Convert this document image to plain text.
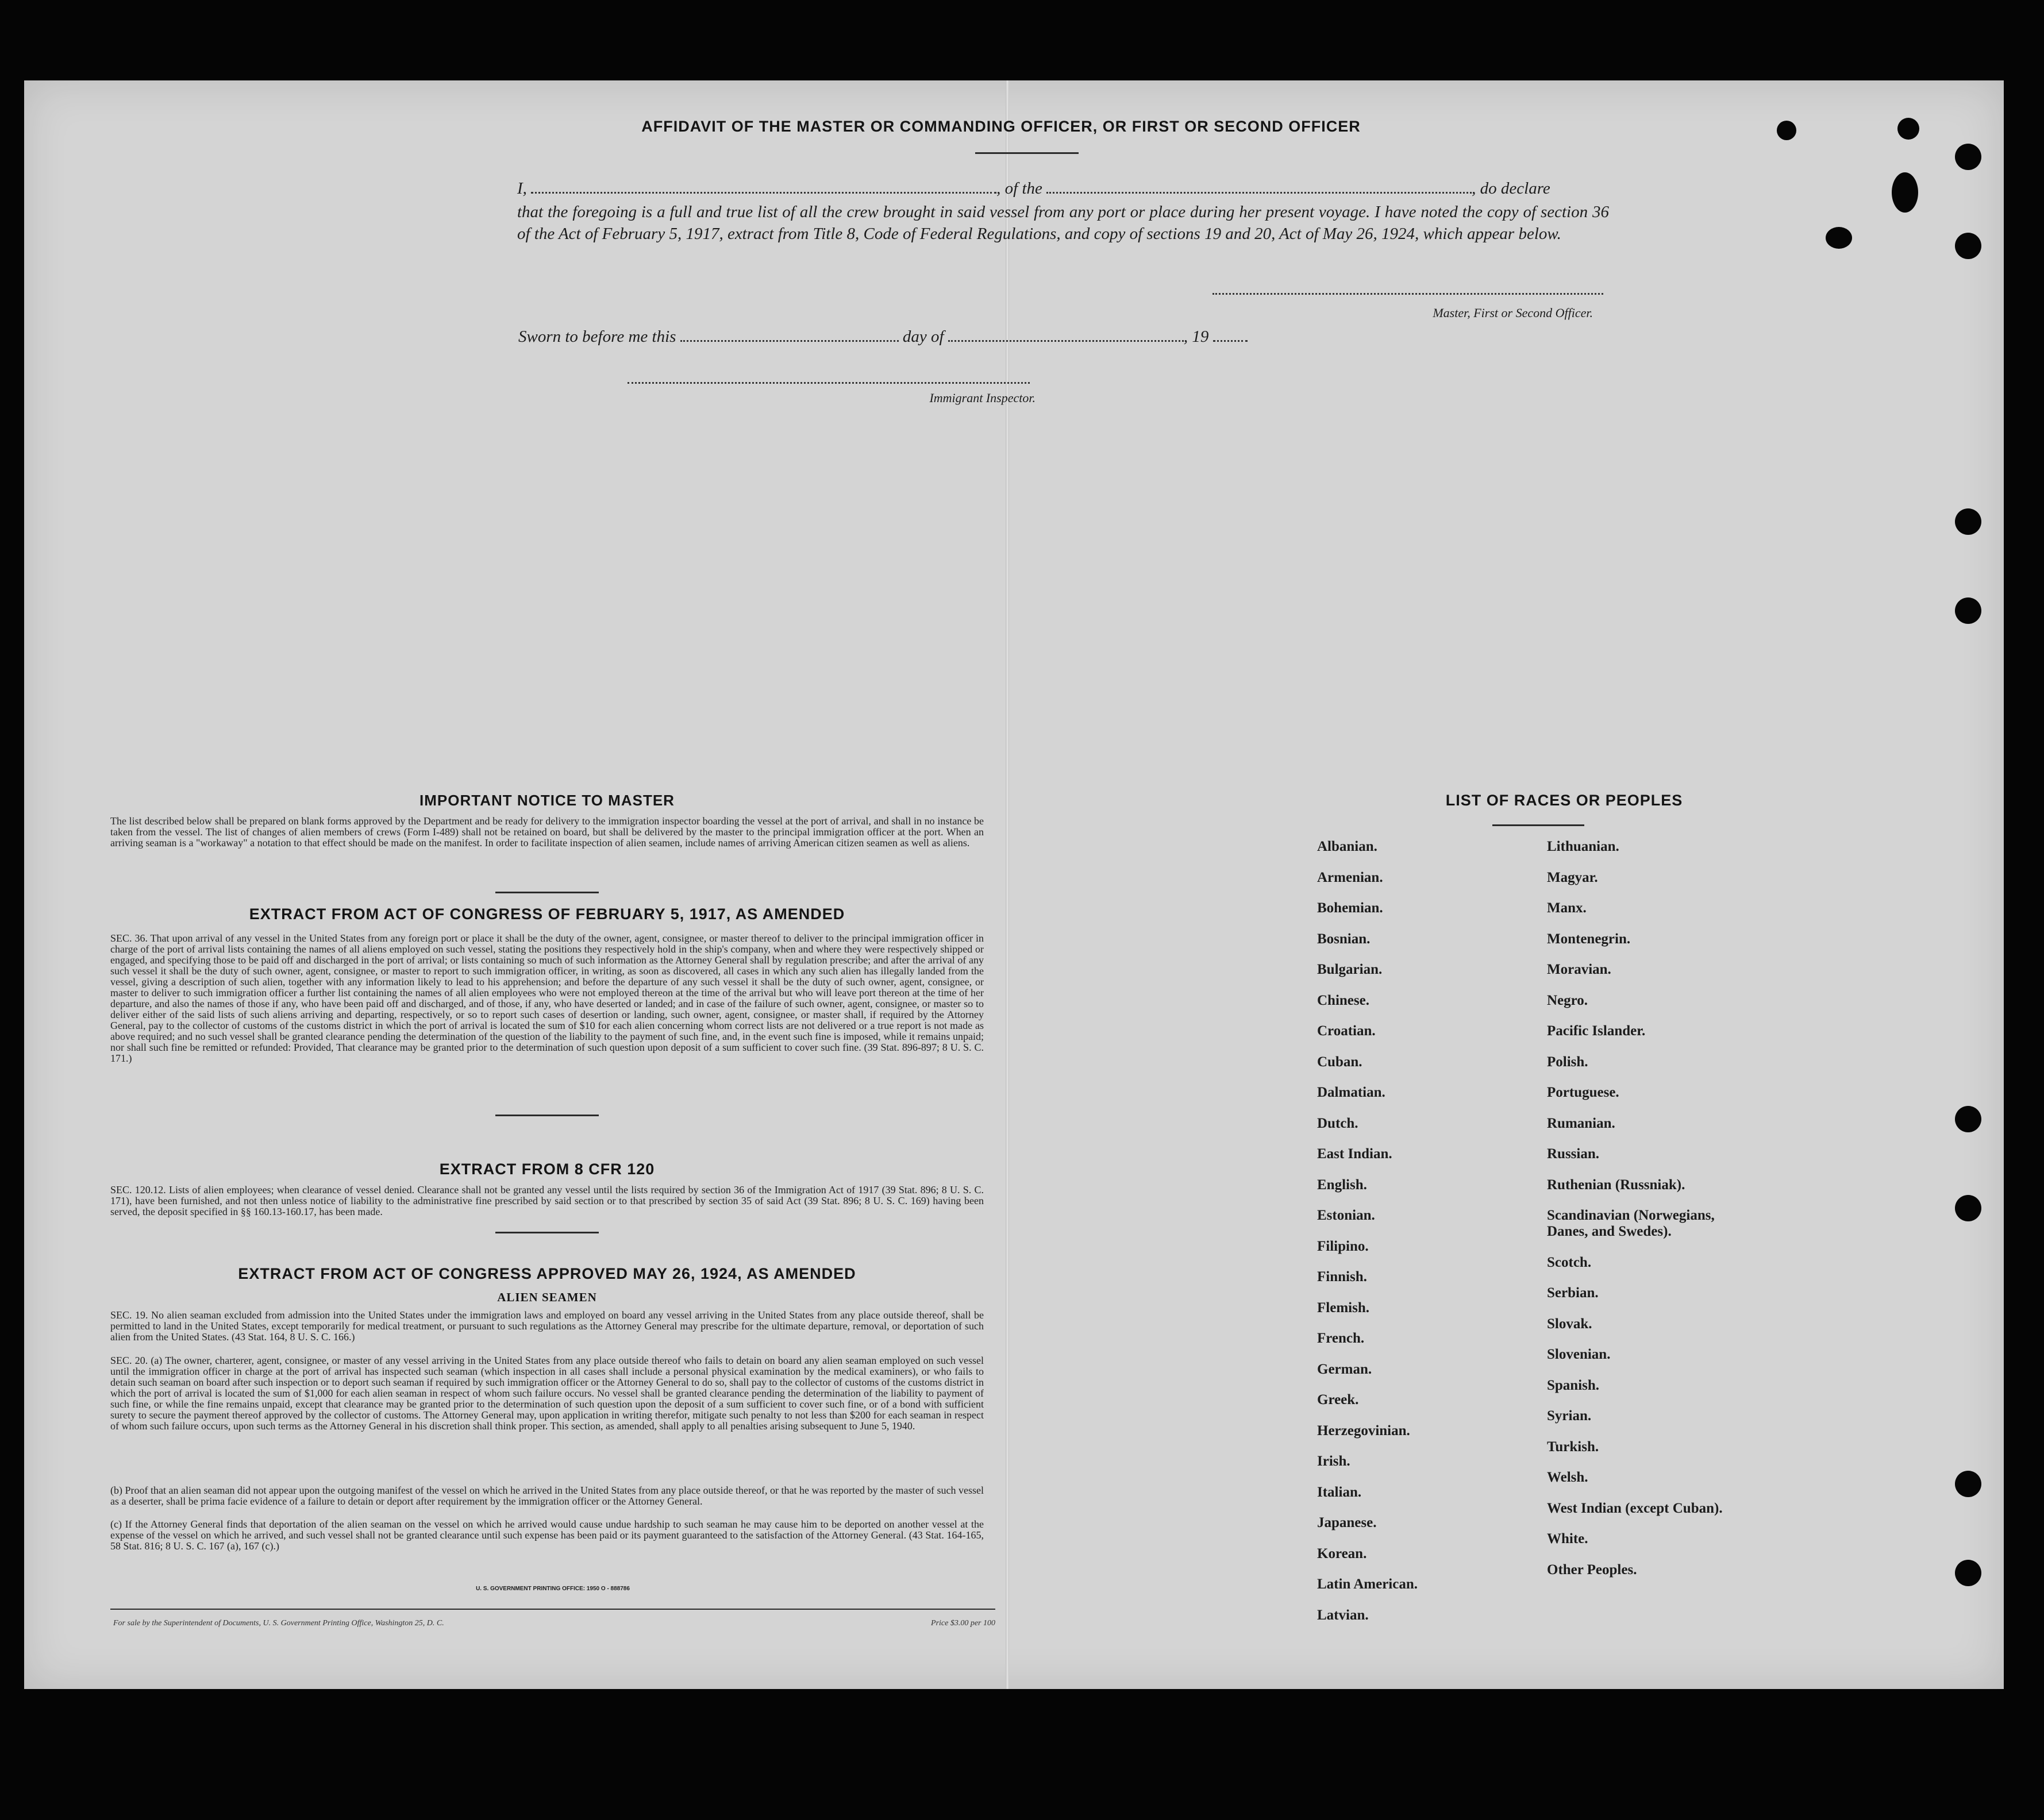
AFFIDAVIT OF THE MASTER OR COMMANDING OFFICER, OR FIRST OR SECOND OFFICER
I,	, of the	, do declare
that the foregoing is a full and true list of all the crew brought in said vessel from any port or place during her present voyage. I have noted the copy of section 36 of the Act of February 5, 1917, extract from Title 8, Code of Federal Regulations, and copy of sections 19 and 20, Act of May 26, 1924, which appear below.
Master, First or Second Officer.
Sworn to before me this	day of	, 19
Immigrant Inspector.
IMPORTANT NOTICE TO MASTER
The list described below shall be prepared on blank forms approved by the Department and be ready for delivery to the immigration inspector boarding the vessel at the port of arrival, and shall in no instance be taken from the vessel. The list of changes of alien members of crews (Form I-489) shall not be retained on board, but shall be delivered by the master to the principal immigration officer at the port. When an arriving seaman is a "workaway" a notation to that effect should be made on the manifest. In order to facilitate inspection of alien seamen, include names of arriving American citizen seamen as well as aliens.
EXTRACT FROM ACT OF CONGRESS OF FEBRUARY 5, 1917, AS AMENDED
SEC. 36. That upon arrival of any vessel in the United States from any foreign port or place it shall be the duty of the owner, agent, consignee, or master thereof to deliver to the principal immigration officer in charge of the port of arrival lists containing the names of all aliens employed on such vessel, stating the positions they respectively hold in the ship's company, when and where they were respectively shipped or engaged, and specifying those to be paid off and discharged in the port of arrival; or lists containing so much of such information as the Attorney General shall by regulation prescribe; and after the arrival of any such vessel it shall be the duty of such owner, agent, consignee, or master to report to such immigration officer, in writing, as soon as discovered, all cases in which any such alien has illegally landed from the vessel, giving a description of such alien, together with any information likely to lead to his apprehension; and before the departure of any such vessel it shall be the duty of such owner, agent, consignee, or master to deliver to such immigration officer a further list containing the names of all alien employees who were not employed thereon at the time of the arrival but who will leave port thereon at the time of her departure, and also the names of those if any, who have been paid off and discharged, and of those, if any, who have deserted or landed; and in case of the failure of such owner, agent, consignee, or master so to deliver either of the said lists of such aliens arriving and departing, respectively, or so to report such cases of desertion or landing, such owner, agent, consignee, or master shall, if required by the Attorney General, pay to the collector of customs of the customs district in which the port of arrival is located the sum of $10 for each alien concerning whom correct lists are not delivered or a true report is not made as above required; and no such vessel shall be granted clearance pending the determination of the question of the liability to the payment of such fine, and, in the event such fine is imposed, while it remains unpaid; nor shall such fine be remitted or refunded: Provided, That clearance may be granted prior to the determination of such question upon deposit of a sum sufficient to cover such fine. (39 Stat. 896-897; 8 U. S. C. 171.)
EXTRACT FROM 8 CFR 120
SEC. 120.12. Lists of alien employees; when clearance of vessel denied. Clearance shall not be granted any vessel until the lists required by section 36 of the Immigration Act of 1917 (39 Stat. 896; 8 U. S. C. 171), have been furnished, and not then unless notice of liability to the administrative fine prescribed by said section or to that prescribed by section 35 of said Act (39 Stat. 896; 8 U. S. C. 169) having been served, the deposit specified in §§ 160.13-160.17, has been made.
EXTRACT FROM ACT OF CONGRESS APPROVED MAY 26, 1924, AS AMENDED
ALIEN SEAMEN
SEC. 19. No alien seaman excluded from admission into the United States under the immigration laws and employed on board any vessel arriving in the United States from any place outside thereof, shall be permitted to land in the United States, except temporarily for medical treatment, or pursuant to such regulations as the Attorney General may prescribe for the ultimate departure, removal, or deportation of such alien from the United States. (43 Stat. 164, 8 U. S. C. 166.)
SEC. 20. (a) The owner, charterer, agent, consignee, or master of any vessel arriving in the United States from any place outside thereof who fails to detain on board any alien seaman employed on such vessel until the immigration officer in charge at the port of arrival has inspected such seaman (which inspection in all cases shall include a personal physical examination by the medical examiners), or who fails to detain such seaman on board after such inspection or to deport such seaman if required by such immigration officer or the Attorney General to do so, shall pay to the collector of customs of the customs district in which the port of arrival is located the sum of $1,000 for each alien seaman in respect of whom such failure occurs. No vessel shall be granted clearance pending the determination of the liability to payment of such fine, or while the fine remains unpaid, except that clearance may be granted prior to the determination of such question upon the deposit of a sum sufficient to cover such fine, or of a bond with sufficient surety to secure the payment thereof approved by the collector of customs. The Attorney General may, upon application in writing therefor, mitigate such penalty to not less than $200 for each seaman in respect of whom such failure occurs, upon such terms as the Attorney General in his discretion shall think proper. This section, as amended, shall apply to all penalties arising subsequent to June 5, 1940.
(b) Proof that an alien seaman did not appear upon the outgoing manifest of the vessel on which he arrived in the United States from any place outside thereof, or that he was reported by the master of such vessel as a deserter, shall be prima facie evidence of a failure to detain or deport after requirement by the immigration officer or the Attorney General.
(c) If the Attorney General finds that deportation of the alien seaman on the vessel on which he arrived would cause undue hardship to such seaman he may cause him to be deported on another vessel at the expense of the vessel on which he arrived, and such vessel shall not be granted clearance until such expense has been paid or its payment guaranteed to the satisfaction of the Attorney General. (43 Stat. 164-165, 58 Stat. 816; 8 U. S. C. 167 (a), 167 (c).)
U. S. GOVERNMENT PRINTING OFFICE: 1950 O - 888786
For sale by the Superintendent of Documents, U. S. Government Printing Office, Washington 25, D. C.	Price $3.00 per 100
LIST OF RACES OR PEOPLES
Albanian.
Armenian.
Bohemian.
Bosnian.
Bulgarian.
Chinese.
Croatian.
Cuban.
Dalmatian.
Dutch.
East Indian.
English.
Estonian.
Filipino.
Finnish.
Flemish.
French.
German.
Greek.
Herzegovinian.
Irish.
Italian.
Japanese.
Korean.
Latin American.
Latvian.
Lithuanian.
Magyar.
Manx.
Montenegrin.
Moravian.
Negro.
Pacific Islander.
Polish.
Portuguese.
Rumanian.
Russian.
Ruthenian (Russniak).
Scandinavian (Norwegians,
Danes, and Swedes).
Scotch.
Serbian.
Slovak.
Slovenian.
Spanish.
Syrian.
Turkish.
Welsh.
West Indian (except Cuban).
White.
Other Peoples.
